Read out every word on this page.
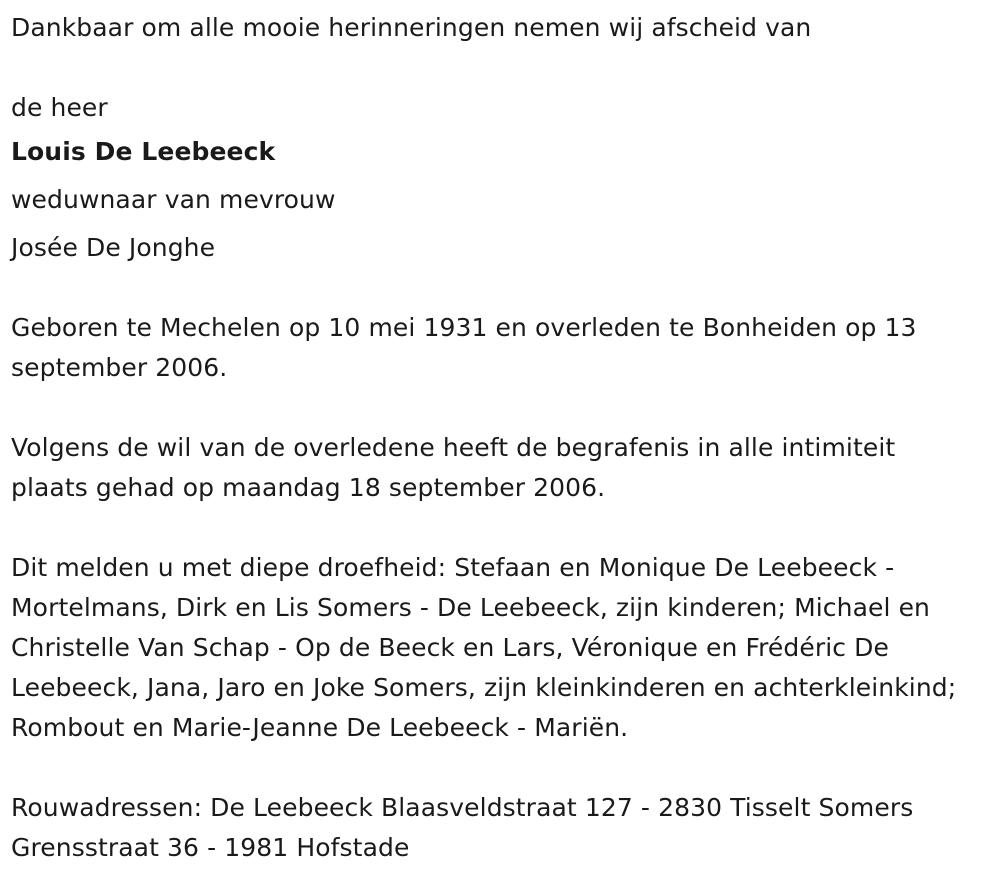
Dankbaar om alle mooie herinneringen nemen wij afscheid van
de heer
Louis De Leebeeck
weduwnaar van mevrouw
Josée De Jonghe
Geboren te Mechelen op 10 mei 1931 en overleden te Bonheiden op 13
september 2006.
Volgens de wil van de overledene heeft de begrafenis in alle intimiteit
plaats gehad op maandag 18 september 2006.
Dit melden u met diepe droefheid: Stefaan en Monique De Leebeeck -
Mortelmans, Dirk en Lis Somers - De Leebeeck, zijn kinderen; Michael en
Christelle Van Schap - Op de Beeck en Lars, Véronique en Frédéric De
Leebeeck, Jana, Jaro en Joke Somers, zijn kleinkinderen en achterkleinkind;
Rombout en Marie-Jeanne De Leebeeck - Mariën.
Rouwadressen: De Leebeeck Blaasveldstraat 127 - 2830 Tisselt Somers
Grensstraat 36 - 1981 Hofstade
